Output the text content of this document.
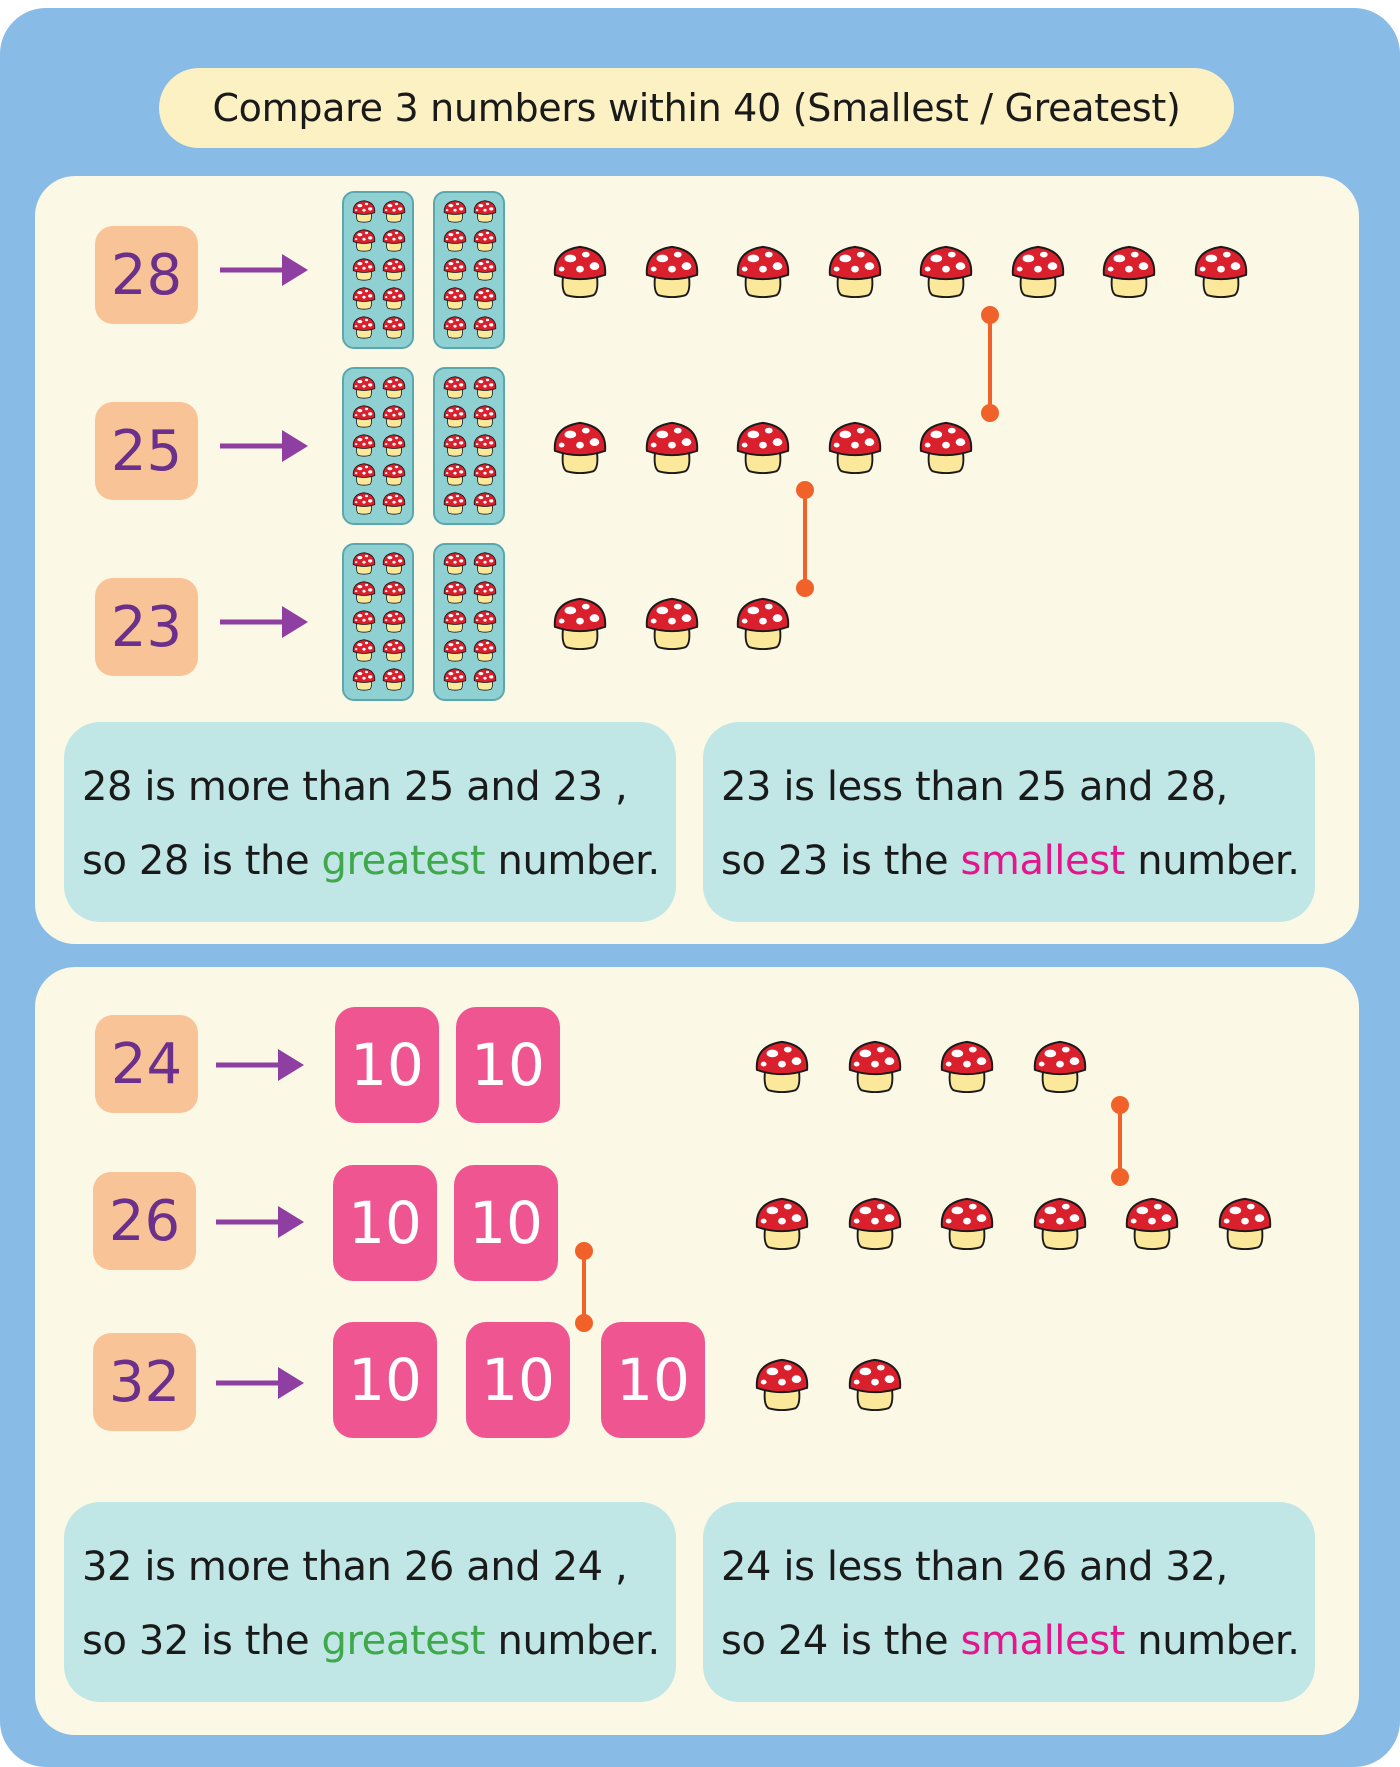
Compare 3 numbers within 40 (Smallest / Greatest)
28
25
23
28 is more than 25 and 23 ,
so 28 is the greatest number.
23 is less than 25 and 28,
so 23 is the smallest number.
24
26
32
10 10
10 10
10 10 10
32 is more than 26 and 24 ,
so 32 is the greatest number.
24 is less than 26 and 32,
so 24 is the smallest number.
